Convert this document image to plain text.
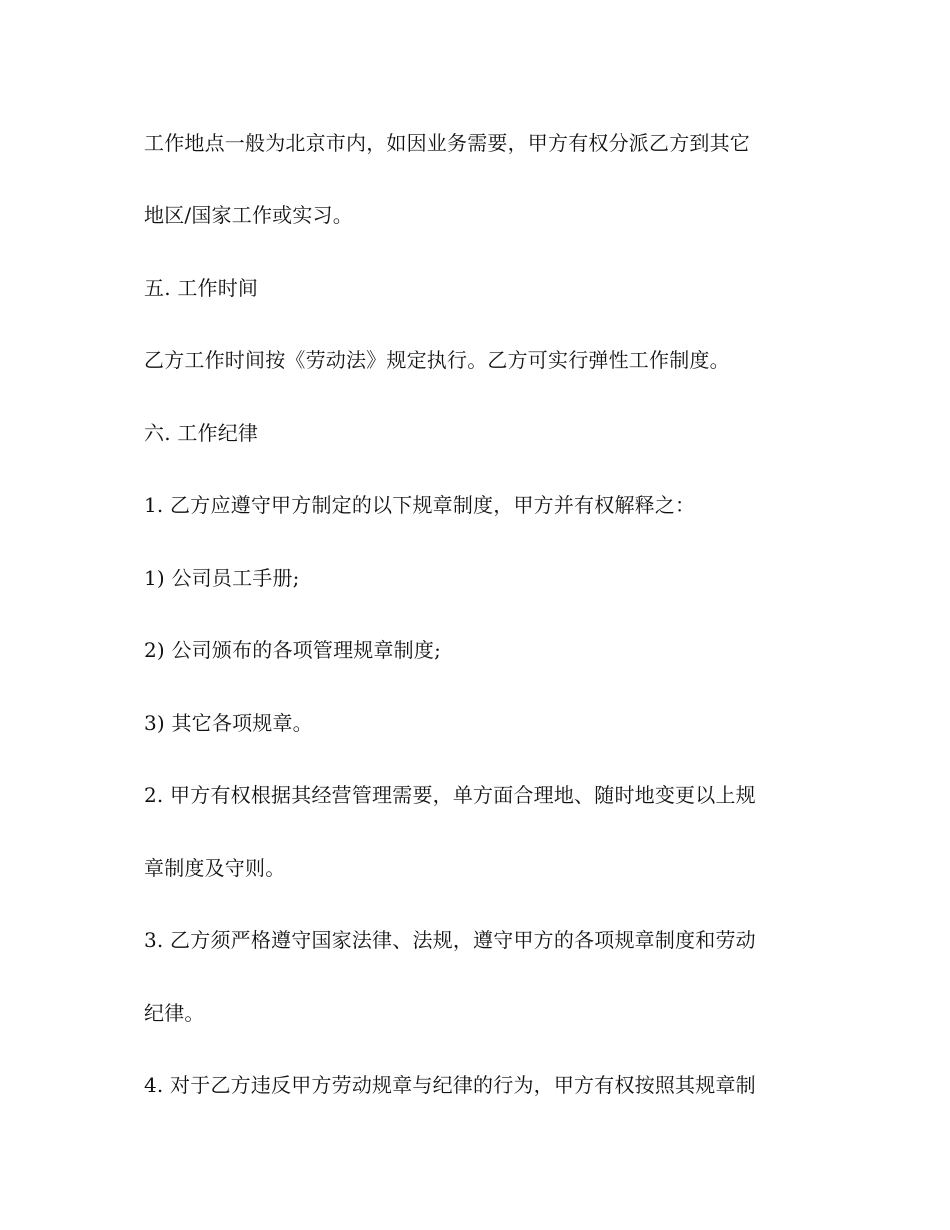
工作地点一般为北京市内，如因业务需要，甲方有权分派乙方到其它
地区/国家工作或实习。
五. 工作时间
乙方工作时间按《劳动法》规定执行。乙方可实行弹性工作制度。
六. 工作纪律
1. 乙方应遵守甲方制定的以下规章制度，甲方并有权解释之：
1) 公司员工手册;
2) 公司颁布的各项管理规章制度;
3) 其它各项规章。
2. 甲方有权根据其经营管理需要，单方面合理地、随时地变更以上规
章制度及守则。
3. 乙方须严格遵守国家法律、法规，遵守甲方的各项规章制度和劳动
纪律。
4. 对于乙方违反甲方劳动规章与纪律的行为，甲方有权按照其规章制
